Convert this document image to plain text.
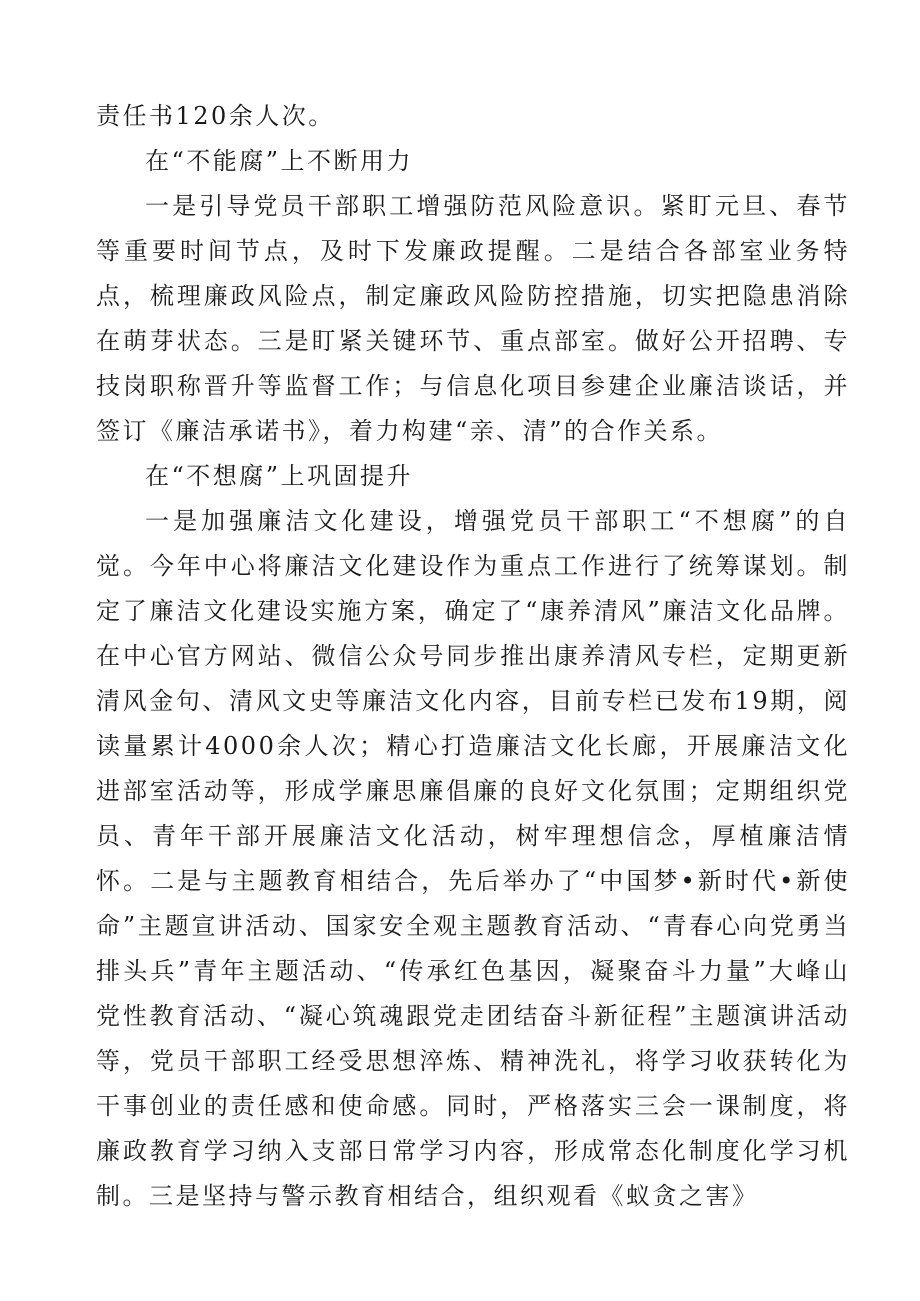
责任书120余人次。

在“不能腐”上不断用力

一是引导党员干部职工增强防范风险意识。紧盯元旦、春节等重要时间节点，及时下发廉政提醒。二是结合各部室业务特点，梳理廉政风险点，制定廉政风险防控措施，切实把隐患消除在萌芽状态。三是盯紧关键环节、重点部室。做好公开招聘、专技岗职称晋升等监督工作；与信息化项目参建企业廉洁谈话，并签订《廉洁承诺书》，着力构建“亲、清”的合作关系。

在“不想腐”上巩固提升

一是加强廉洁文化建设，增强党员干部职工“不想腐”的自觉。今年中心将廉洁文化建设作为重点工作进行了统筹谋划。制定了廉洁文化建设实施方案，确定了“康养清风”廉洁文化品牌。在中心官方网站、微信公众号同步推出康养清风专栏，定期更新清风金句、清风文史等廉洁文化内容，目前专栏已发布19期，阅读量累计4000余人次；精心打造廉洁文化长廊，开展廉洁文化进部室活动等，形成学廉思廉倡廉的良好文化氛围；定期组织党员、青年干部开展廉洁文化活动，树牢理想信念，厚植廉洁情怀。二是与主题教育相结合，先后举办了“中国梦•新时代•新使命”主题宣讲活动、国家安全观主题教育活动、“青春心向党勇当排头兵”青年主题活动、“传承红色基因，凝聚奋斗力量”大峰山党性教育活动、“凝心筑魂跟党走团结奋斗新征程”主题演讲活动等，党员干部职工经受思想淬炼、精神洗礼，将学习收获转化为干事创业的责任感和使命感。同时，严格落实三会一课制度，将廉政教育学习纳入支部日常学习内容，形成常态化制度化学习机制。三是坚持与警示教育相结合，组织观看《蚁贪之害》
